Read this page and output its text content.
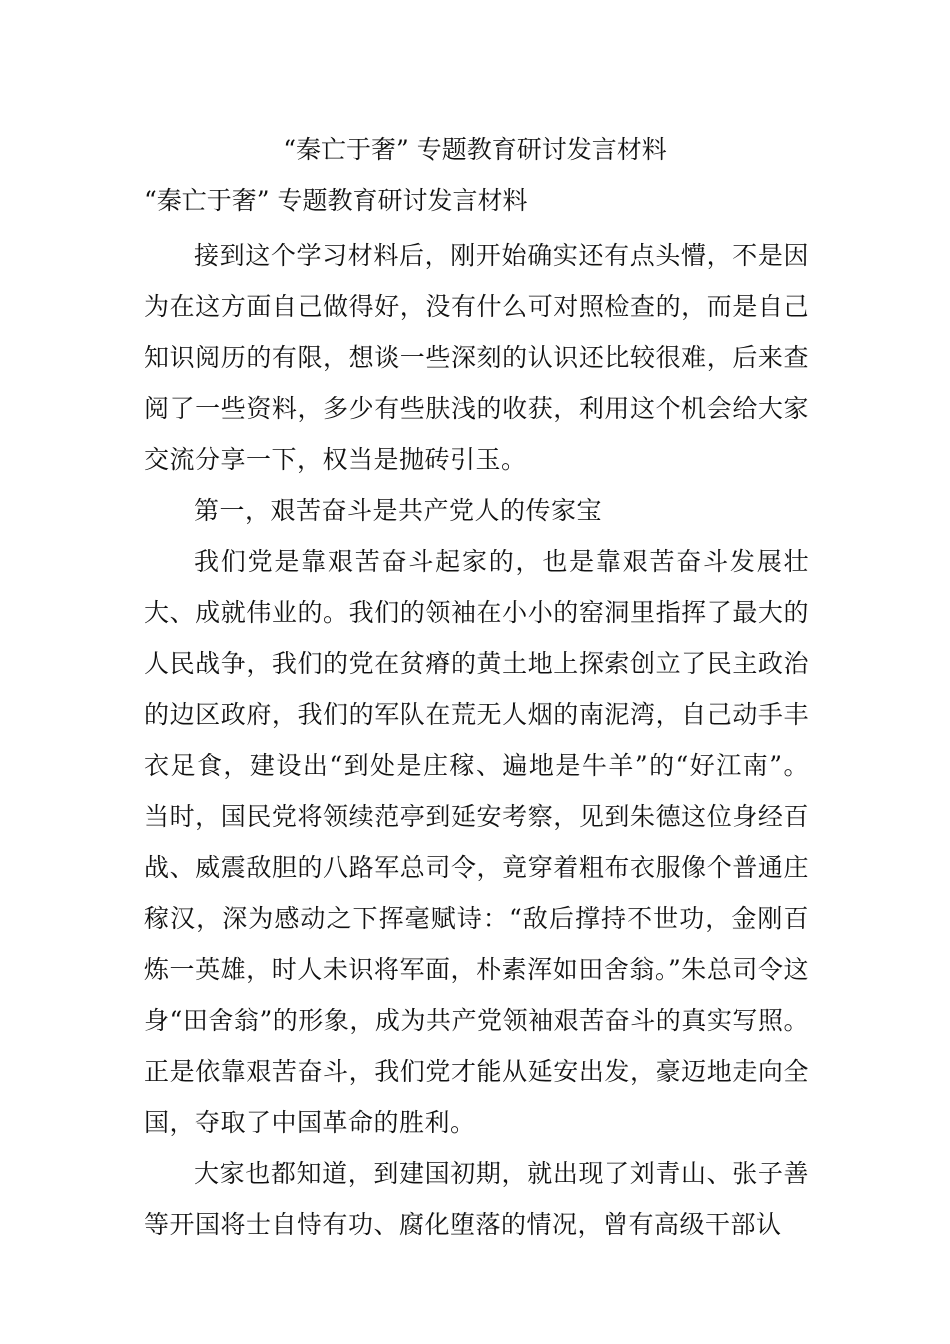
“秦亡于奢” 专题教育研讨发言材料
“秦亡于奢” 专题教育研讨发言材料

接到这个学习材料后，刚开始确实还有点头懵，不是因为在这方面自己做得好，没有什么可对照检查的，而是自己知识阅历的有限，想谈一些深刻的认识还比较很难，后来查阅了一些资料，多少有些肤浅的收获，利用这个机会给大家交流分享一下，权当是抛砖引玉。

第一，艰苦奋斗是共产党人的传家宝

我们党是靠艰苦奋斗起家的，也是靠艰苦奋斗发展壮大、成就伟业的。我们的领袖在小小的窑洞里指挥了最大的人民战争，我们的党在贫瘠的黄土地上探索创立了民主政治的边区政府，我们的军队在荒无人烟的南泥湾，自己动手丰衣足食，建设出“到处是庄稼、遍地是牛羊”的“好江南”。当时，国民党将领续范亭到延安考察，见到朱德这位身经百战、威震敌胆的八路军总司令，竟穿着粗布衣服像个普通庄稼汉，深为感动之下挥毫赋诗：“敌后撑持不世功，金刚百炼一英雄，时人未识将军面，朴素浑如田舍翁。”朱总司令这身“田舍翁”的形象，成为共产党领袖艰苦奋斗的真实写照。正是依靠艰苦奋斗，我们党才能从延安出发，豪迈地走向全国，夺取了中国革命的胜利。

大家也都知道，到建国初期，就出现了刘青山、张子善等开国将士自恃有功、腐化堕落的情况，曾有高级干部认
